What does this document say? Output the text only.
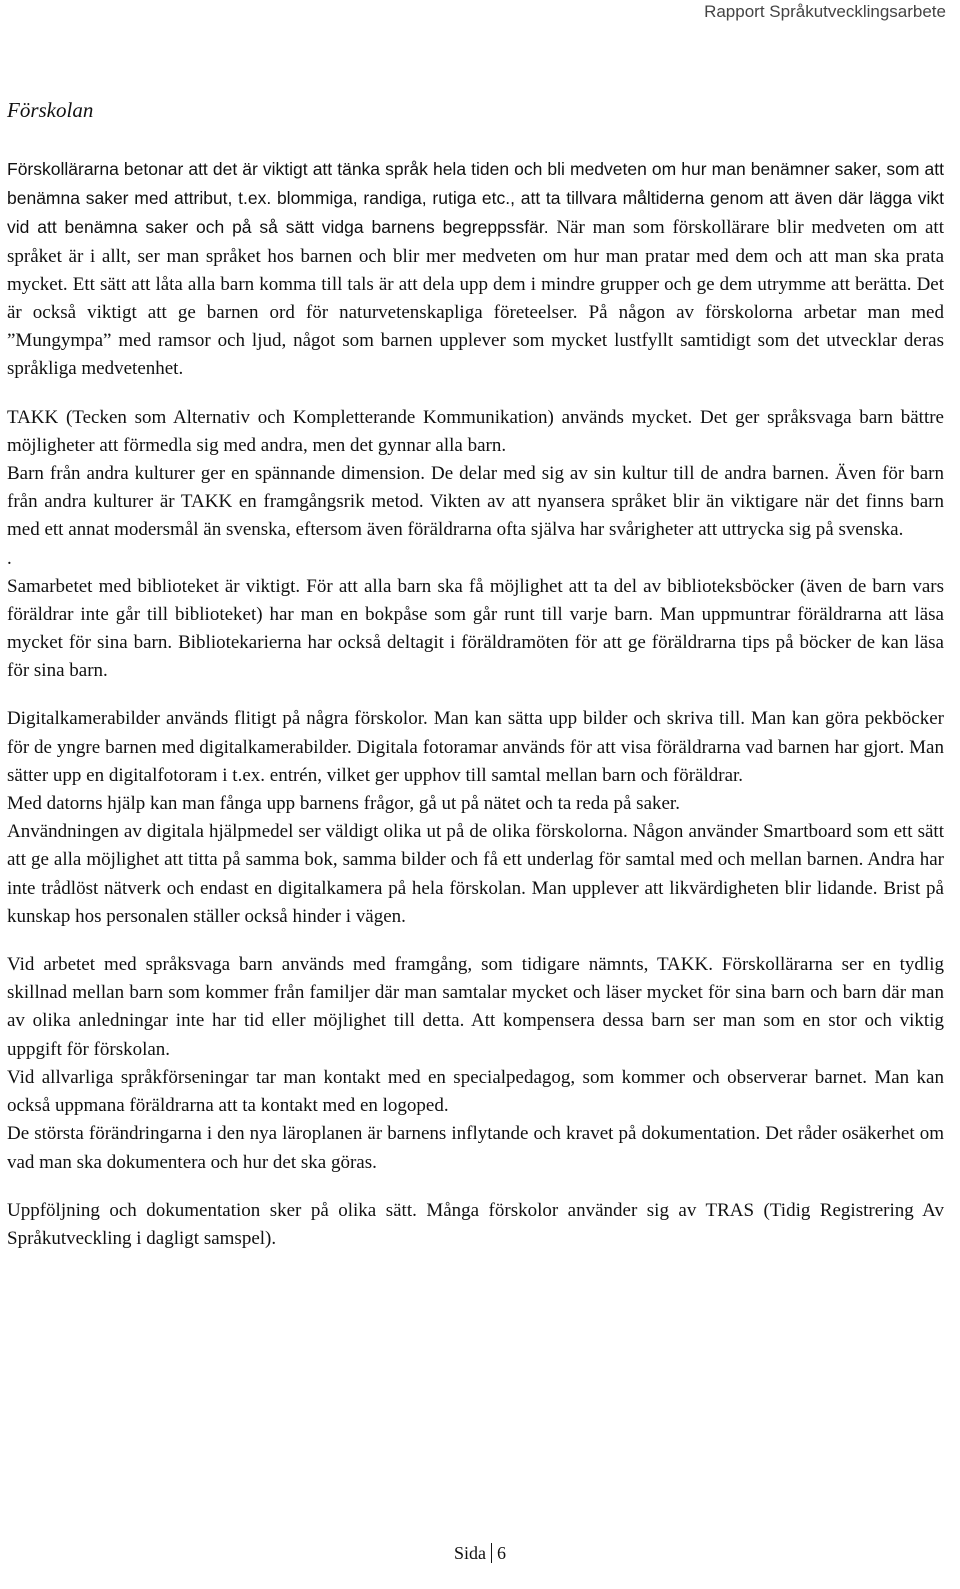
Rapport Språkutvecklingsarbete
Förskolan

Förskollärarna betonar att det är viktigt att tänka språk hela tiden och bli medveten om hur man benämner saker, som att benämna saker med attribut, t.ex. blommiga, randiga, rutiga etc., att ta tillvara måltiderna genom att även där lägga vikt vid att benämna saker och på så sätt vidga barnens begreppssfär. När man som förskollärare blir medveten om att språket är i allt, ser man språket hos barnen och blir mer medveten om hur man pratar med dem och att man ska prata mycket. Ett sätt att låta alla barn komma till tals är att dela upp dem i mindre grupper och ge dem utrymme att berätta. Det är också viktigt att ge barnen ord för naturvetenskapliga företeelser. På någon av förskolorna arbetar man med ”Mungympa” med ramsor och ljud, något som barnen upplever som mycket lustfyllt samtidigt som det utvecklar deras språkliga medvetenhet.

TAKK (Tecken som Alternativ och Kompletterande Kommunikation) används mycket. Det ger språksvaga barn bättre möjligheter att förmedla sig med andra, men det gynnar alla barn.

Barn från andra kulturer ger en spännande dimension. De delar med sig av sin kultur till de andra barnen. Även för barn från andra kulturer är TAKK en framgångsrik metod. Vikten av att nyansera språket blir än viktigare när det finns barn med ett annat modersmål än svenska, eftersom även föräldrarna ofta själva har svårigheter att uttrycka sig på svenska.

.

Samarbetet med biblioteket är viktigt. För att alla barn ska få möjlighet att ta del av biblioteksböcker (även de barn vars föräldrar inte går till biblioteket) har man en bokpåse som går runt till varje barn. Man uppmuntrar föräldrarna att läsa mycket för sina barn. Bibliotekarierna har också deltagit i föräldramöten för att ge föräldrarna tips på böcker de kan läsa för sina barn.

Digitalkamerabilder används flitigt på några förskolor. Man kan sätta upp bilder och skriva till. Man kan göra pekböcker för de yngre barnen med digitalkamerabilder. Digitala fotoramar används för att visa föräldrarna vad barnen har gjort. Man sätter upp en digitalfotoram i t.ex. entrén, vilket ger upphov till samtal mellan barn och föräldrar.

Med datorns hjälp kan man fånga upp barnens frågor, gå ut på nätet och ta reda på saker.

Användningen av digitala hjälpmedel ser väldigt olika ut på de olika förskolorna. Någon använder Smartboard som ett sätt att ge alla möjlighet att titta på samma bok, samma bilder och få ett underlag för samtal med och mellan barnen. Andra har inte trådlöst nätverk och endast en digitalkamera på hela förskolan. Man upplever att likvärdigheten blir lidande. Brist på kunskap hos personalen ställer också hinder i vägen.

Vid arbetet med språksvaga barn används med framgång, som tidigare nämnts, TAKK. Förskollärarna ser en tydlig skillnad mellan barn som kommer från familjer där man samtalar mycket och läser mycket för sina barn och barn där man av olika anledningar inte har tid eller möjlighet till detta. Att kompensera dessa barn ser man som en stor och viktig uppgift för förskolan.

Vid allvarliga språkförseningar tar man kontakt med en specialpedagog, som kommer och observerar barnet. Man kan också uppmana föräldrarna att ta kontakt med en logoped.

De största förändringarna i den nya läroplanen är barnens inflytande och kravet på dokumentation. Det råder osäkerhet om vad man ska dokumentera och hur det ska göras.

Uppföljning och dokumentation sker på olika sätt. Många förskolor använder sig av TRAS (Tidig Registrering Av Språkutveckling i dagligt samspel).

Sida 6
